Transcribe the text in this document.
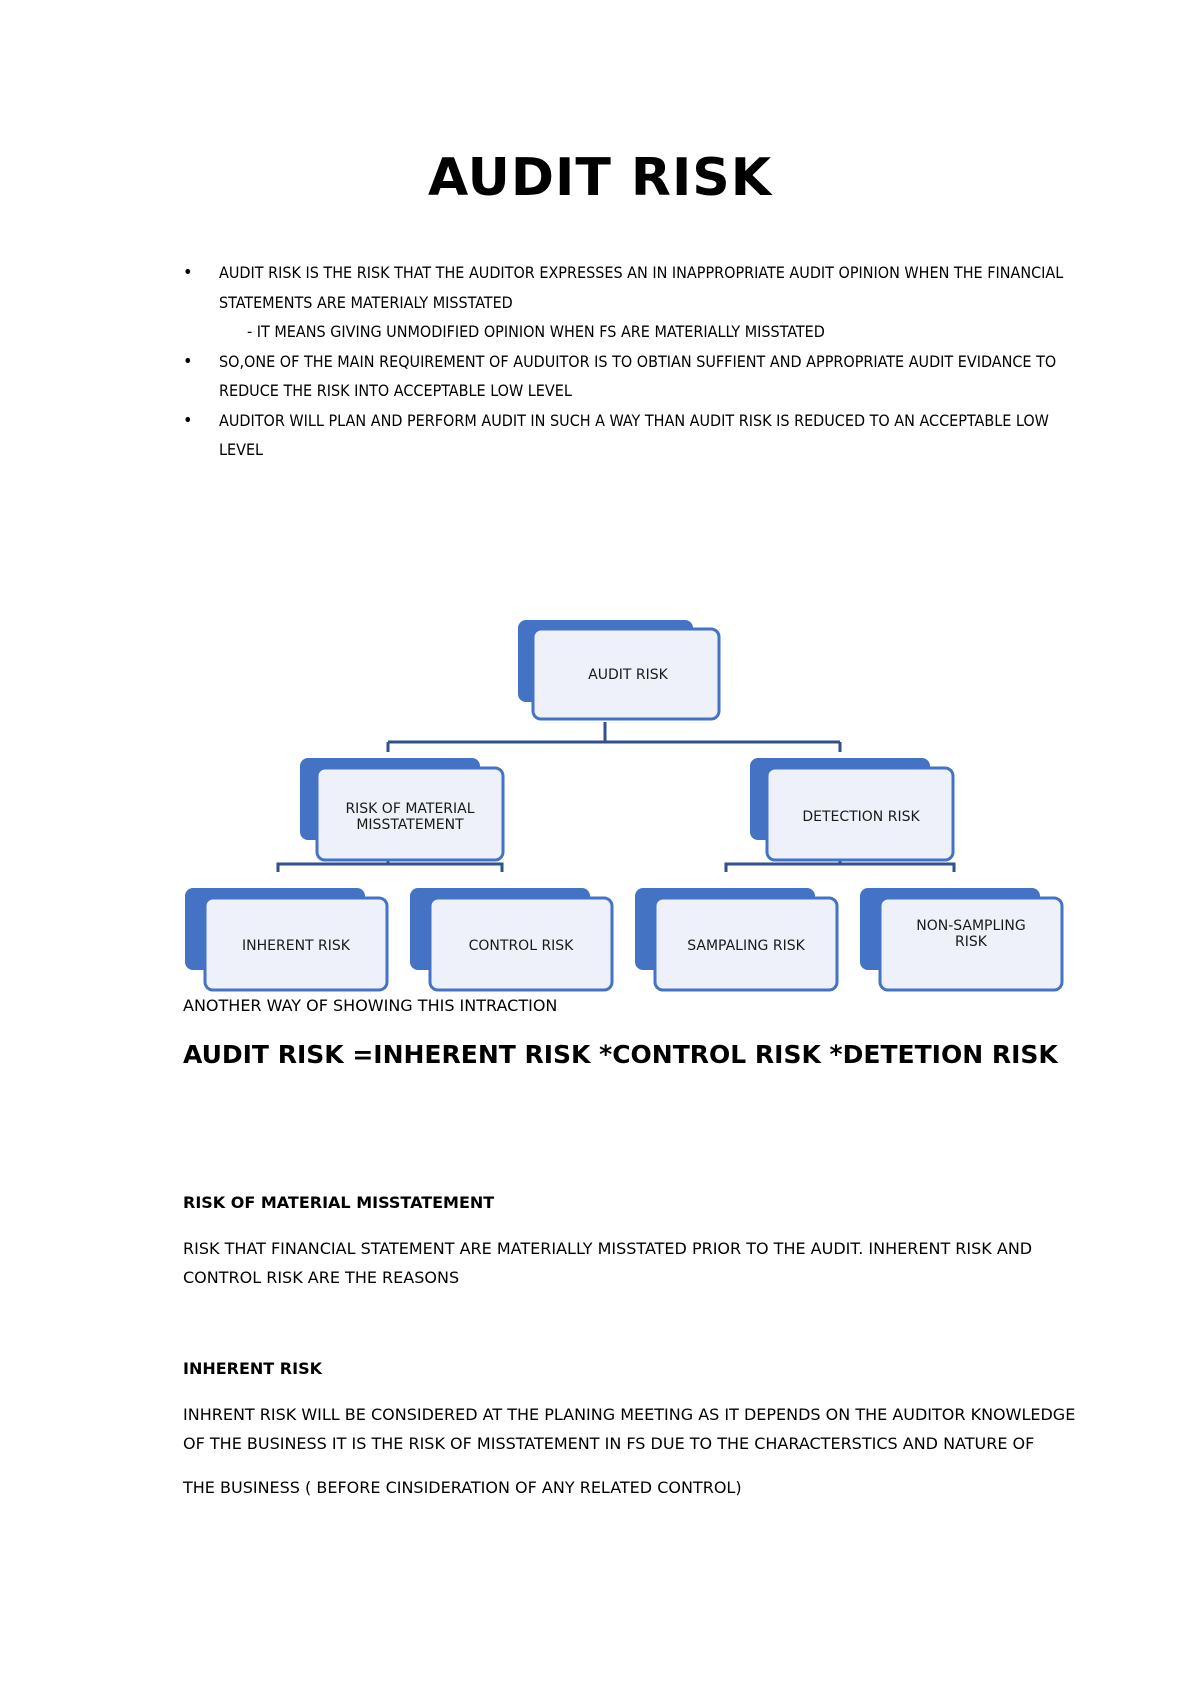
AUDIT RISK
• AUDIT RISK IS THE RISK THAT THE AUDITOR EXPRESSES AN IN INAPPROPRIATE AUDIT OPINION WHEN THE FINANCIAL STATEMENTS ARE MATERIALY MISSTATED
- IT MEANS GIVING UNMODIFIED OPINION WHEN FS ARE MATERIALLY MISSTATED
• SO,ONE OF THE MAIN REQUIREMENT OF AUDUITOR IS TO OBTIAN SUFFIENT AND APPROPRIATE AUDIT EVIDANCE TO REDUCE THE RISK INTO ACCEPTABLE LOW LEVEL
• AUDITOR WILL PLAN AND PERFORM AUDIT IN SUCH A WAY THAN AUDIT RISK IS REDUCED TO AN ACCEPTABLE LOW LEVEL
AUDIT RISK
RISK OF MATERIAL
MISSTATEMENT	DETECTION RISK
INHERENT RISK	CONTROL RISK	SAMPALING RISK
NON-SAMPLING
RISK
ANOTHER WAY OF SHOWING THIS INTRACTION
AUDIT RISK =INHERENT RISK *CONTROL RISK *DETETION RISK
RISK OF MATERIAL MISSTATEMENT

RISK THAT FINANCIAL STATEMENT ARE MATERIALLY MISSTATED PRIOR TO THE AUDIT. INHERENT RISK AND CONTROL RISK ARE THE REASONS

INHERENT RISK

INHRENT RISK WILL BE CONSIDERED AT THE PLANING MEETING AS IT DEPENDS ON THE AUDITOR KNOWLEDGE OF THE BUSINESS IT IS THE RISK OF MISSTATEMENT IN FS DUE TO THE CHARACTERSTICS AND NATURE OF

THE BUSINESS ( BEFORE CINSIDERATION OF ANY RELATED CONTROL)
